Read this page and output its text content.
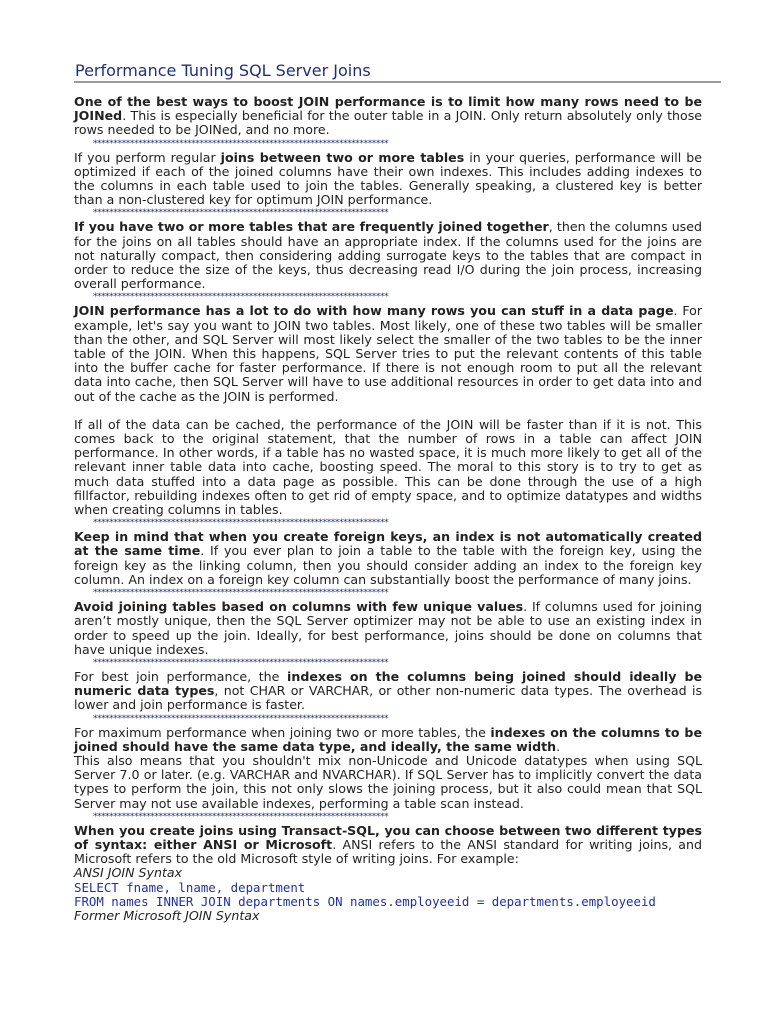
Performance Tuning SQL Server Joins

One of the best ways to boost JOIN performance is to limit how many rows need to be JOINed. This is especially beneficial for the outer table in a JOIN. Only return absolutely only those rows needed to be JOINed, and no more.

************************************************************************

If you perform regular joins between two or more tables in your queries, performance will be optimized if each of the joined columns have their own indexes. This includes adding indexes to the columns in each table used to join the tables. Generally speaking, a clustered key is better than a non-clustered key for optimum JOIN performance.

************************************************************************

If you have two or more tables that are frequently joined together, then the columns used for the joins on all tables should have an appropriate index. If the columns used for the joins are not naturally compact, then considering adding surrogate keys to the tables that are compact in order to reduce the size of the keys, thus decreasing read I/O during the join process, increasing overall performance.

************************************************************************

JOIN performance has a lot to do with how many rows you can stuff in a data page. For example, let's say you want to JOIN two tables. Most likely, one of these two tables will be smaller than the other, and SQL Server will most likely select the smaller of the two tables to be the inner table of the JOIN. When this happens, SQL Server tries to put the relevant contents of this table into the buffer cache for faster performance. If there is not enough room to put all the relevant data into cache, then SQL Server will have to use additional resources in order to get data into and out of the cache as the JOIN is performed.

If all of the data can be cached, the performance of the JOIN will be faster than if it is not. This comes back to the original statement, that the number of rows in a table can affect JOIN performance. In other words, if a table has no wasted space, it is much more likely to get all of the relevant inner table data into cache, boosting speed. The moral to this story is to try to get as much data stuffed into a data page as possible. This can be done through the use of a high fillfactor, rebuilding indexes often to get rid of empty space, and to optimize datatypes and widths when creating columns in tables.

************************************************************************

Keep in mind that when you create foreign keys, an index is not automatically created at the same time. If you ever plan to join a table to the table with the foreign key, using the foreign key as the linking column, then you should consider adding an index to the foreign key column. An index on a foreign key column can substantially boost the performance of many joins.

************************************************************************

Avoid joining tables based on columns with few unique values. If columns used for joining aren’t mostly unique, then the SQL Server optimizer may not be able to use an existing index in order to speed up the join. Ideally, for best performance, joins should be done on columns that have unique indexes.

************************************************************************

For best join performance, the indexes on the columns being joined should ideally be numeric data types, not CHAR or VARCHAR, or other non-numeric data types. The overhead is lower and join performance is faster.

************************************************************************

For maximum performance when joining two or more tables, the indexes on the columns to be joined should have the same data type, and ideally, the same width.

This also means that you shouldn't mix non-Unicode and Unicode datatypes when using SQL Server 7.0 or later. (e.g. VARCHAR and NVARCHAR). If SQL Server has to implicitly convert the data types to perform the join, this not only slows the joining process, but it also could mean that SQL Server may not use available indexes, performing a table scan instead.

************************************************************************

When you create joins using Transact-SQL, you can choose between two different types of syntax: either ANSI or Microsoft. ANSI refers to the ANSI standard for writing joins, and Microsoft refers to the old Microsoft style of writing joins. For example:

ANSI JOIN Syntax

SELECT fname, lname, department
FROM names INNER JOIN departments ON names.employeeid = departments.employeeid

Former Microsoft JOIN Syntax
